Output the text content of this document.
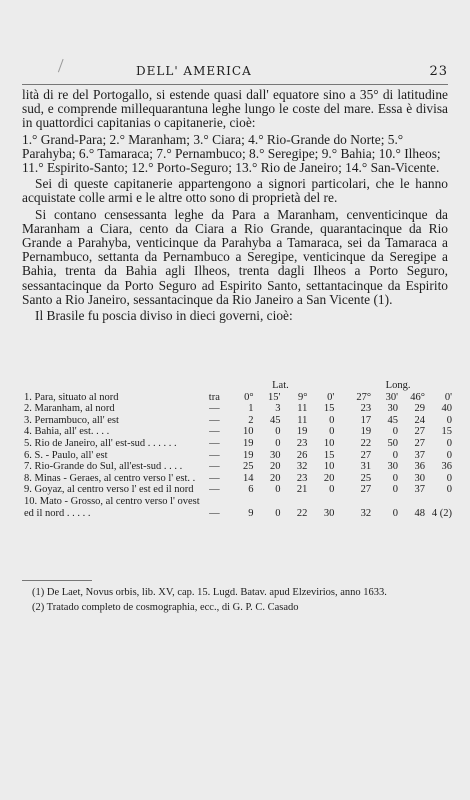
DELL' AMERICA	23

lità di re del Portogallo, si estende quasi dall' equatore sino a 35° di latitudine sud, e comprende millequarantuna leghe lungo le coste del mare. Essa è divisa in quattordici capitanias o capitanerie, cioè:

1.° Grand-Para; 2.° Maranham; 3.° Ciara; 4.° Rio-Grande do Norte; 5.° Parahyba; 6.° Tamaraca; 7.° Pernambuco; 8.° Seregipe; 9.° Bahia; 10.° Ilheos; 11.° Espirito-Santo; 12.° Porto-Seguro; 13.° Rio de Janeiro; 14.° San-Vicente.

Sei di queste capitanerie appartengono a signori particolari, che le hanno acquistate colle armi e le altre otto sono di proprietà del re.

Si contano censessanta leghe da Para a Maranham, cenventicinque da Maranham a Ciara, cento da Ciara a Rio Grande, quarantacinque da Rio Grande a Parahyba, venticinque da Parahyba a Tamaraca, sei da Tamaraca a Pernambuco, settanta da Pernambuco a Seregipe, venticinque da Seregipe a Bahia, trenta da Bahia agli Ilheos, trenta dagli Ilheos a Porto Seguro, sessantacinque da Porto Seguro ad Espirito Santo, settantacinque da Espirito Santo a Rio Janeiro, sessantacinque da Rio Janeiro a San Vicente (1).

Il Brasile fu poscia diviso in dieci governi, cioè:

		Lat.					Long.			
1. Para, situato al nord	tra	0°	15'	9°	0'		27°	30'	46°	0'
2. Maranham, al nord	—	1	3	11	15		23	30	29	40
3. Pernambuco, all' est	—	2	45	11	0		17	45	24	0
4. Bahia, all' est. . . .	—	10	0	19	0		19	0	27	15
5. Rio de Janeiro, all' est-sud . . . . . .	—	19	0	23	10		22	50	27	0
6. S. - Paulo, all' est	—	19	30	26	15		27	0	37	0
7. Rio-Grande do Sul, all'est-sud . . . .	—	25	20	32	10		31	30	36	36
8. Minas - Geraes, al centro verso l' est. .	—	14	20	23	20		25	0	30	0
9. Goyaz, al centro verso l' est ed il nord	—	6	0	21	0		27	0	37	0
10. Mato - Grosso, al centro verso l' ovest ed il nord . . . . .	—	9	0	22	30		32	0	48	4 (2)

(1) De Laet, Novus orbis, lib. XV, cap. 15. Lugd. Batav. apud Elzevirios, anno 1633.

(2) Tratado completo de cosmographia, ecc., di G. P. C. Casado
